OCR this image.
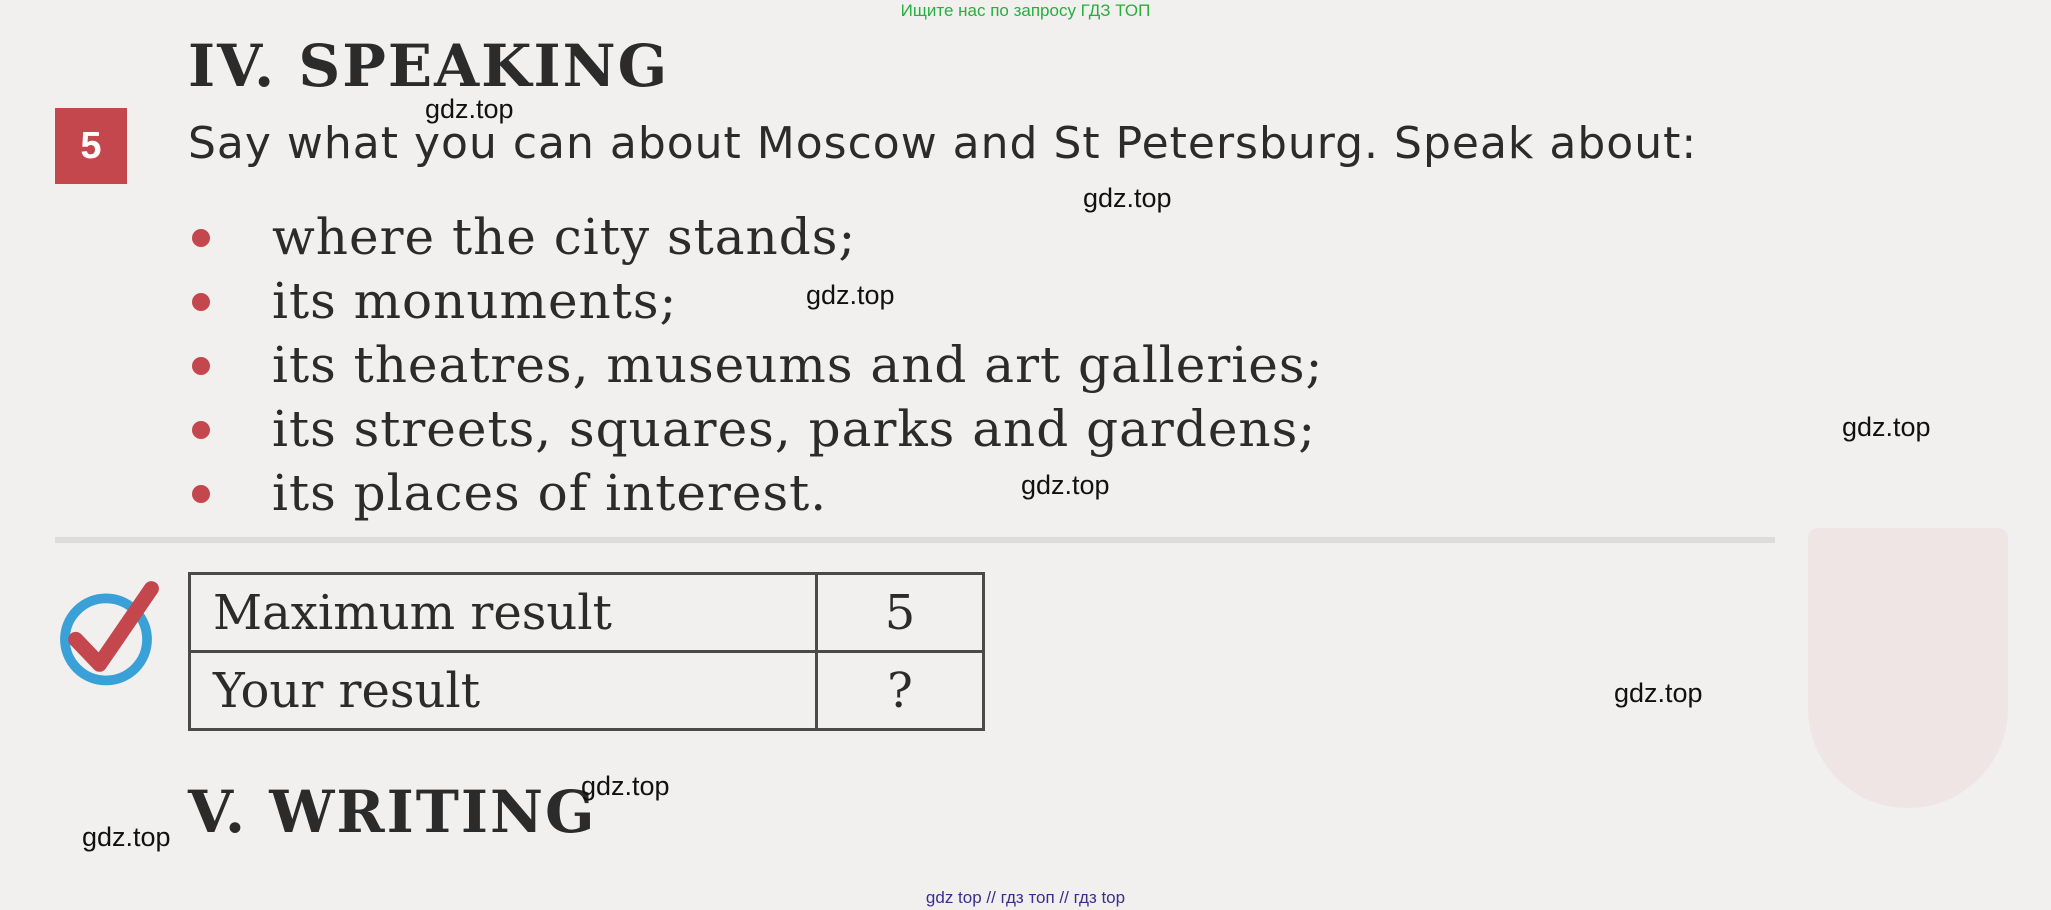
Ищите нас по запросу ГДЗ ТОП
IV. SPEAKING
5	Say what you can about Moscow and St Petersburg. Speak about:
where the city stands;
its monuments;
its theatres, museums and art galleries;
its streets, squares, parks and gardens;
its places of interest.
Maximum result	5
Your result	?
V. WRITING
gdz.top
gdz.top
gdz.top
gdz.top
gdz.top
gdz.top
gdz.top
gdz.top
gdz top // гдз топ // гдз top
